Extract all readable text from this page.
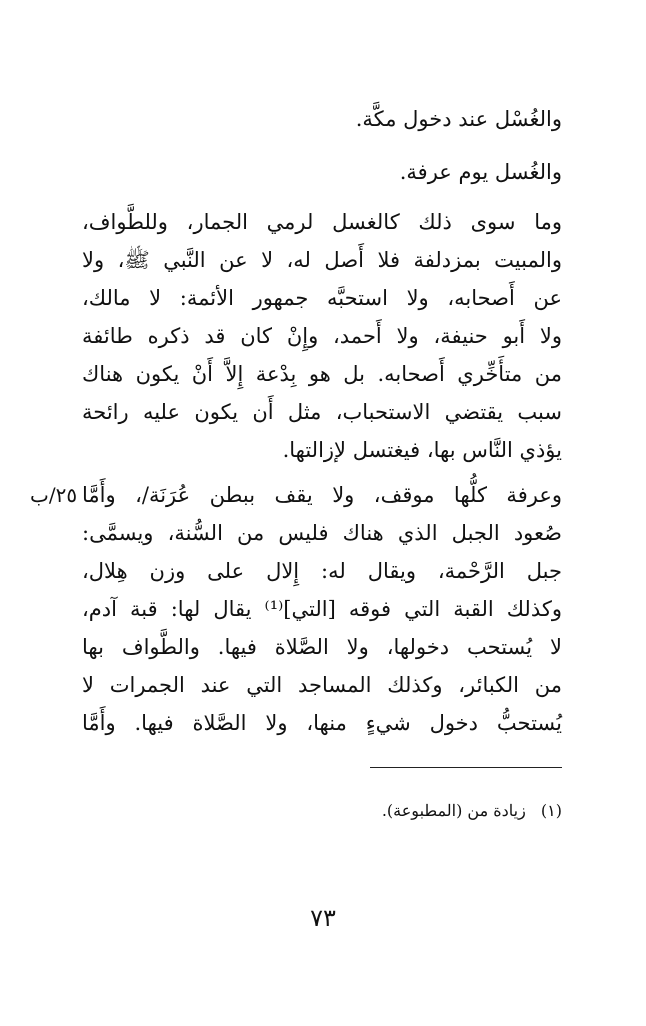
والغُسْل عند دخول مكَّة.
والغُسل يوم عرفة.
وما سوى ذلك كالغسل لرمي الجمار، وللطَّواف،
والمبيت بمزدلفة فلا أَصل له، لا عن النَّبي ﷺ، ولا
عن أَصحابه، ولا استحبَّه جمهور الأئمة: لا مالك،
ولا أَبو حنيفة، ولا أَحمد، وإِنْ كان قد ذكره طائفة
من متأَخِّري أَصحابه. بل هو بِدْعة إِلاَّ أَنْ يكون هناك
سبب يقتضي الاستحباب، مثل أَن يكون عليه رائحة
يؤذي النَّاس بها، فيغتسل لإزالتها.
وعرفة كلُّها موقف، ولا يقف ببطن عُرَنَة/، وأَمَّا
صُعود الجبل الذي هناك فليس من السُّنة، ويسمَّى:
جبل الرَّحْمة، ويقال له: إِلال على وزن هِلال،
وكذلك القبة التي فوقه [التي]⁽¹⁾ يقال لها: قبة آدم،
لا يُستحب دخولها، ولا الصَّلاة فيها. والطَّواف بها
من الكبائر، وكذلك المساجد التي عند الجمرات لا
يُستحبُّ دخول شيءٍ منها، ولا الصَّلاة فيها. وأَمَّا
٢٥/ب
(١) زيادة من (المطبوعة).
٧٣
